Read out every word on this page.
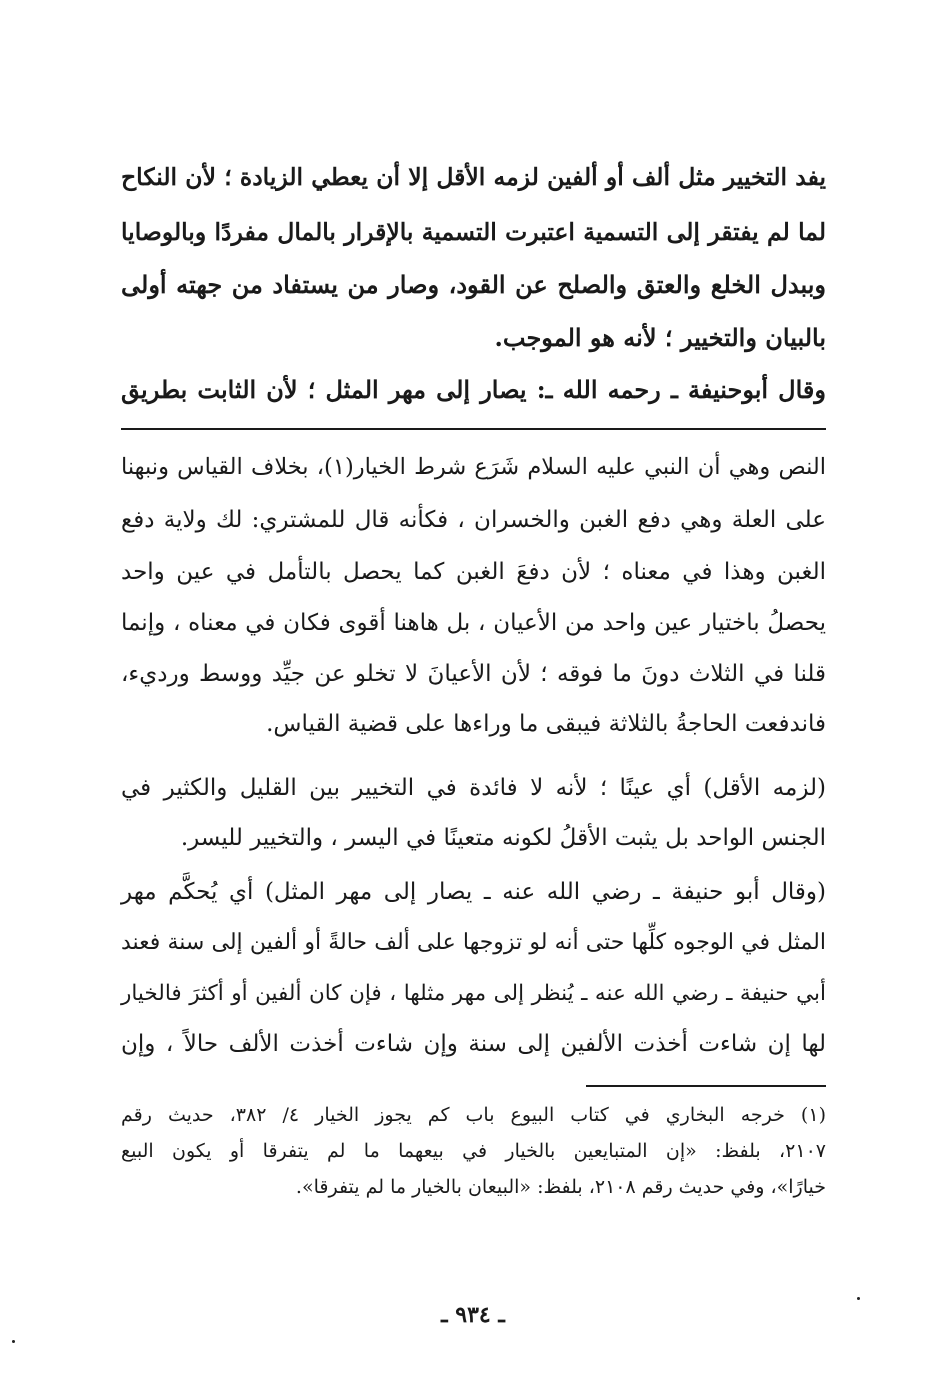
يفد التخيير مثل ألف أو ألفين لزمه الأقل إلا أن يعطي الزيادة ؛ لأن النكاح
لما لم يفتقر إلى التسمية اعتبرت التسمية بالإقرار بالمال مفردًا وبالوصايا
وببدل الخلع والعتق والصلح عن القود، وصار من يستفاد من جهته أولى
بالبيان والتخيير ؛ لأنه هو الموجب.
وقال أبوحنيفة ـ رحمه الله ـ: يصار إلى مهر المثل ؛ لأن الثابت بطريق
النص وهي أن النبي عليه السلام شَرَع شرط الخيار(١)، بخلاف القياس ونبهنا
على العلة وهي دفع الغبن والخسران ، فكأنه قال للمشتري: لك ولاية دفع
الغبن وهذا في معناه ؛ لأن دفعَ الغبن كما يحصل بالتأمل في عين واحد
يحصلُ باختيار عين واحد من الأعيان ، بل هاهنا أقوى فكان في معناه ، وإنما
قلنا في الثلاث دونَ ما فوقه ؛ لأن الأعيانَ لا تخلو عن جيِّد ووسط ورديء،
فاندفعت الحاجةُ بالثلاثة فيبقى ما وراءها على قضية القياس.
(لزمه الأقل) أي عينًا ؛ لأنه لا فائدة في التخيير بين القليل والكثير في
الجنس الواحد بل يثبت الأقلُ لكونه متعينًا في اليسر ، والتخيير لليسر.
(وقال أبو حنيفة ـ رضي الله عنه ـ يصار إلى مهر المثل) أي يُحكَّم مهر
المثل في الوجوه كلِّها حتى أنه لو تزوجها على ألف حالةً أو ألفين إلى سنة فعند
أبي حنيفة ـ رضي الله عنه ـ يُنظر إلى مهر مثلها ، فإن كان ألفين أو أكثرَ فالخيار
لها إن شاءت أخذت الألفين إلى سنة وإن شاءت أخذت الألف حالاً ، وإن
(١) خرجه البخاري في كتاب البيوع باب كم يجوز الخيار ٤/ ٣٨٢، حديث رقم
٢١٠٧، بلفظ: «إن المتبايعين بالخيار في بيعهما ما لم يتفرقا أو يكون البيع
خيارًا»، وفي حديث رقم ٢١٠٨، بلفظ: «البيعان بالخيار ما لم يتفرقا».
ـ ٩٣٤ ـ
